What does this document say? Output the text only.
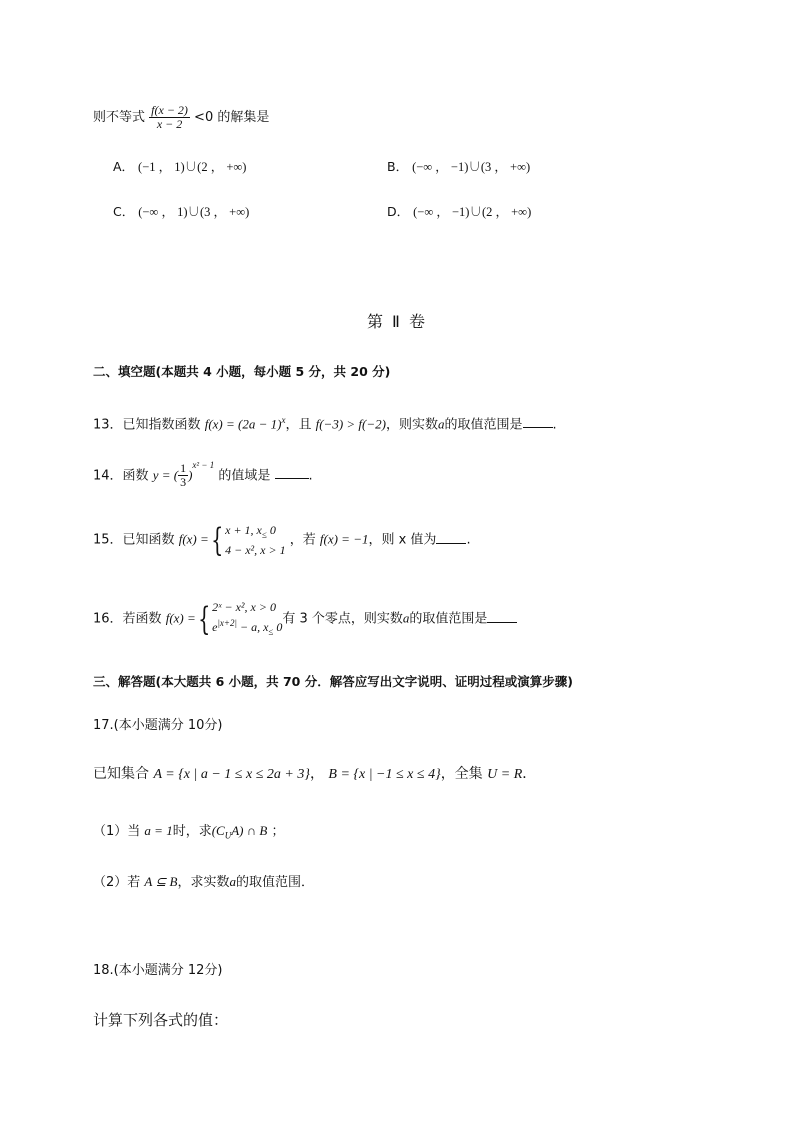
则不等式 $\frac{f(x - 2)}{x - 2} <0$ 的解集是
A． (−1 ， 1)∪(2 ， +∞)	B． (−∞ ， −1)∪(3 ， +∞)
C． (−∞ ， 1)∪(3 ， +∞)	D． (−∞ ， −1)∪(2 ， +∞)
第 Ⅱ 卷
二、填空题(本题共 4 小题，每小题 5 分，共 20 分)
13．已知指数函数 $f(x) = (2a - 1)^x$，且 f(−3) > f(−2)，则实数a的取值范围是 .
14．函数 y = ( $\frac{1}{3} )^{x^2 - 1}$ 的值域是	.
15．已知函数 f(x) ={ x + 1, $x_\le$ 0
4 − x², x > 1
，若 f(x) = −1，则 x 值为 .
16．若函数 f(x) ={ 2ˣ − x², x > 0
$e^{|x+2|} - a$, $x_\le$ 0
有 3 个零点，则实数a的取值范围是
三、解答题(本大题共 6 小题，共 70 分．解答应写出文字说明、证明过程或演算步骤)
17.(本小题满分 10分)
已知集合 A = {x | a − 1 ≤ x ≤ 2a + 3}， B = {x | −1 ≤ x ≤ 4}，全集 U = R．
（1）当 a = 1时，求$(C_UA)$ ∩ B ；
（2）若 A ⊆ B，求实数a的取值范围．
18.(本小题满分 12分)
计算下列各式的值：
